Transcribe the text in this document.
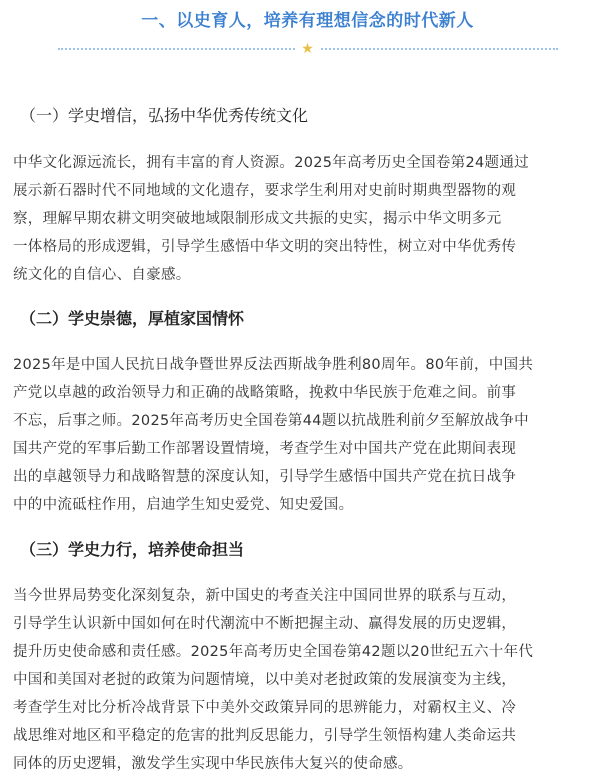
一、以史育人，培养有理想信念的时代新人
★
（一）学史增信，弘扬中华优秀传统文化
中华文化源远流长，拥有丰富的育人资源。2025年高考历史全国卷第24题通过
展示新石器时代不同地域的文化遗存，要求学生利用对史前时期典型器物的观
察，理解早期农耕文明突破地域限制形成文共振的史实，揭示中华文明多元
一体格局的形成逻辑，引导学生感悟中华文明的突出特性，树立对中华优秀传
统文化的自信心、自豪感。
（二）学史崇德，厚植家国情怀
2025年是中国人民抗日战争暨世界反法西斯战争胜利80周年。80年前，中国共
产党以卓越的政治领导力和正确的战略策略，挽救中华民族于危难之间。前事
不忘，后事之师。2025年高考历史全国卷第44题以抗战胜利前夕至解放战争中
国共产党的军事后勤工作部署设置情境，考查学生对中国共产党在此期间表现
出的卓越领导力和战略智慧的深度认知，引导学生感悟中国共产党在抗日战争
中的中流砥柱作用，启迪学生知史爱党、知史爱国。
（三）学史力行，培养使命担当
当今世界局势变化深刻复杂，新中国史的考查关注中国同世界的联系与互动，
引导学生认识新中国如何在时代潮流中不断把握主动、赢得发展的历史逻辑，
提升历史使命感和责任感。2025年高考历史全国卷第42题以20世纪五六十年代
中国和美国对老挝的政策为问题情境，以中美对老挝政策的发展演变为主线，
考查学生对比分析冷战背景下中美外交政策异同的思辨能力，对霸权主义、冷
战思维对地区和平稳定的危害的批判反思能力，引导学生领悟构建人类命运共
同体的历史逻辑，激发学生实现中华民族伟大复兴的使命感。
